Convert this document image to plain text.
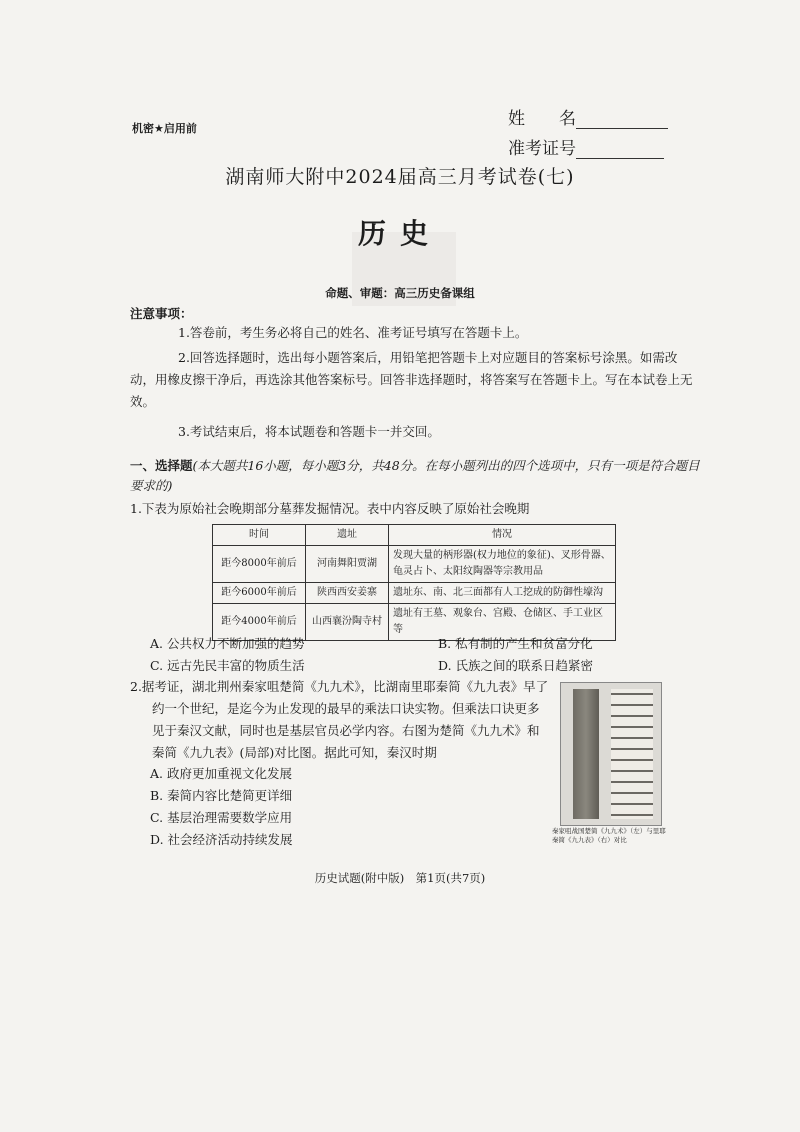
机密★启用前	姓　　名
准考证号
湖南师大附中2024届高三月考试卷(七)
历史
命题、审题：高三历史备课组
注意事项：
1.答卷前，考生务必将自己的姓名、准考证号填写在答题卡上。
2.回答选择题时，选出每小题答案后，用铅笔把答题卡上对应题目的答案标号涂黑。如需改动，用橡皮擦干净后，再选涂其他答案标号。回答非选择题时，将答案写在答题卡上。写在本试卷上无效。
3.考试结束后，将本试题卷和答题卡一并交回。
一、选择题(本大题共16小题，每小题3分，共48分。在每小题列出的四个选项中，只有一项是符合题目要求的)
1.下表为原始社会晚期部分墓葬发掘情况。表中内容反映了原始社会晚期
时间	遗址	情况
距今8000年前后	河南舞阳贾湖	发现大量的柄形器(权力地位的象征)、叉形骨器、龟灵占卜、太阳纹陶器等宗教用品
距今6000年前后	陕西西安姜寨	遗址东、南、北三面都有人工挖成的防御性壕沟
距今4000年前后	山西襄汾陶寺村	遗址有王墓、观象台、宫殿、仓储区、手工业区等
A. 公共权力不断加强的趋势	B. 私有制的产生和贫富分化
C. 远古先民丰富的物质生活	D. 氏族之间的联系日趋紧密
2.据考证，湖北荆州秦家咀楚简《九九术》，比湖南里耶秦简《九九表》早了约一个世纪，是迄今为止发现的最早的乘法口诀实物。但乘法口诀更多见于秦汉文献，同时也是基层官员必学内容。右图为楚简《九九术》和秦简《九九表》(局部)对比图。据此可知，秦汉时期
A. 政府更加重视文化发展
B. 秦简内容比楚简更详细
C. 基层治理需要数学应用
D. 社会经济活动持续发展
秦家咀战国楚简《九九术》（左）与里耶秦简《九九表》（右）对比
历史试题(附中版)　第1页(共7页)
